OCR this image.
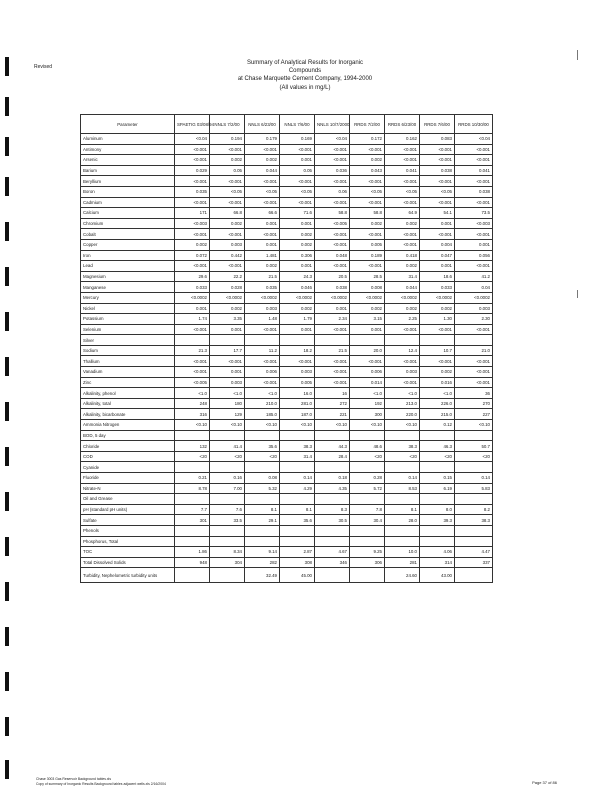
Revised
Summary of Analytical Results for Inorganic
Compounds
at Chase Marquette Cement Company, 1994-2000
(All values in mg/L)
Parameter	SPAETIG 03/08/94	NNLS 7/2/00	NNLS 6/23/00	NNLS 7/6/00	NNLS 10/7/2000	RRDS 7/2/00	RRDS 6/23/00	RRDS 7/6/00	RRDS 10/30/00
Aluminum	<0.04	0.194	0.179	0.169	<0.04	0.172	0.162	0.083	<0.04
Antimony	<0.001	<0.001	<0.001	<0.001	<0.001	<0.001	<0.001	<0.001	<0.001
Arsenic	<0.001	0.002	0.002	0.001	<0.001	0.002	<0.001	<0.001	<0.001
Barium	0.029	0.05	0.044	0.05	0.036	0.043	0.041	0.038	0.041
Beryllium	<0.001	<0.001	<0.001	<0.001	<0.001	<0.001	<0.001	<0.001	<0.001
Boron	0.035	<0.05	<0.05	<0.05	0.06	<0.05	<0.05	<0.05	0.038
Cadmium	<0.001	<0.001	<0.001	<0.001	<0.001	<0.001	<0.001	<0.001	<0.001
Calcium	171	66.8	66.6	71.6	58.8	58.8	64.9	54.1	73.5
Chromium	<0.003	0.002	0.001	0.001	<0.005	0.002	0.002	0.001	<0.003
Cobalt	<0.001	<0.001	<0.001	0.002	<0.001	<0.001	<0.001	<0.001	<0.001
Copper	0.002	0.003	0.001	0.002	<0.001	0.005	<0.001	0.004	0.001
Iron	0.072	0.442	1.481	0.306	0.048	0.189	0.418	0.047	0.056
Lead	<0.001	<0.001	0.002	0.001	<0.001	<0.001	0.002	0.001	<0.001
Magnesium	29.6	22.2	21.5	24.3	20.5	28.5	31.4	18.6	41.2
Manganese	0.033	0.028	0.035	0.046	0.038	0.008	0.044	0.033	0.04
Mercury	<0.0002	<0.0002	<0.0002	<0.0002	<0.0002	<0.0002	<0.0002	<0.0002	<0.0002
Nickel	0.001	0.002	0.003	0.002	0.001	0.002	0.002	0.002	0.003
Potassium	1.74	3.35	1.48	1.79	2.34	3.15	2.25	1.30	2.30
Selenium	<0.001	0.001	<0.001	0.001	<0.001	0.001	<0.001	<0.001	<0.001
Silver									
Sodium	21.3	17.7	11.2	18.2	21.5	20.0	12.4	10.7	21.0
Thallium	<0.001	<0.001	<0.001	<0.001	<0.001	<0.001	<0.001	<0.001	<0.001
Vanadium	<0.001	0.001	0.006	0.003	<0.001	0.006	0.003	0.002	<0.001
Zinc	<0.005	0.003	<0.001	0.005	<0.001	0.014	<0.001	0.016	<0.001
Alkalinity, phenol	<1.0	<1.0	<1.0	16.0	16	<1.0	<1.0	<1.0	36
Alkalinity, total	248	180	210.0	281.0	272	192	213.0	226.0	270
Alkalinity, bicarbonate	316	129	185.0	187.0	221	300	220.0	215.0	227
Ammonia Nitrogen	<0.10	<0.10	<0.10	<0.10	<0.10	<0.10	<0.10	0.12	<0.10
BOD, 5 day									
Chloride	132	41.4	35.6	38.3	44.3	48.6	38.3	46.3	50.7
COD	<20	<20	<20	31.4	28.4	<20	<20	<20	<20
Cyanide									
Fluoride	0.21	0.16	0.08	0.14	0.18	0.28	0.14	0.15	0.14
Nitrate-N	8.78	7.00	5.32	4.29	4.35	5.72	8.53	6.19	5.83
Oil and Grease									
pH (standard pH units)	7.7	7.6	8.1	8.1	8.3	7.8	8.1	8.0	8.2
Sulfate	301	33.5	29.1	35.6	30.5	30.4	28.0	39.3	38.3
Phenols									
Phosphorus, Total									
TOC	1.86	8.34	9.14	2.87	4.67	9.25	10.0	4.06	4.47
Total Dissolved Solids	948	304	282	308	346	306	281	314	337
Turbidity, Nephelometric turbidity units			32.49	45.00			24.60	43.00	
Chase 3003 Gas Reservoir Background tables.xls
Copy of summary of Inorganic Results Background tables adjacent wells.xls 2/16/2004	Page 37 of 86
